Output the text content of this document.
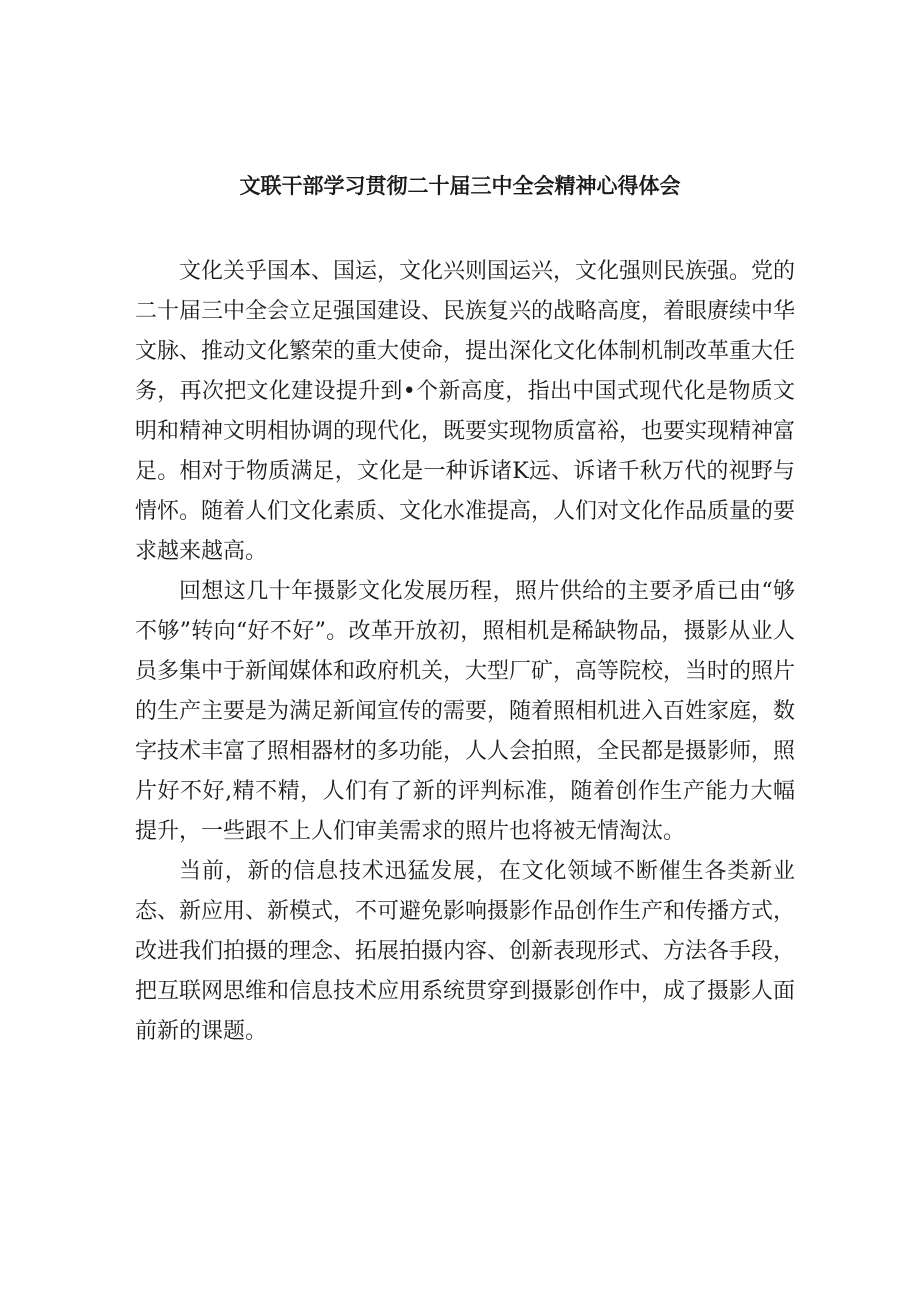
文联干部学习贯彻二十届三中全会精神心得体会

文化关乎国本、国运，文化兴则国运兴，文化强则民族强。党的二十届三中全会立足强国建设、民族复兴的战略高度，着眼赓续中华文脉、推动文化繁荣的重大使命，提出深化文化体制机制改革重大任务，再次把文化建设提升到•个新高度，指出中国式现代化是物质文明和精神文明相协调的现代化，既要实现物质富裕，也要实现精神富足。相对于物质满足，文化是一种诉诸K远、诉诸千秋万代的视野与情怀。随着人们文化素质、文化水准提高，人们对文化作品质量的要求越来越高。

回想这几十年摄影文化发展历程，照片供给的主要矛盾已由“够不够”转向“好不好”。改革开放初，照相机是稀缺物品，摄影从业人员多集中于新闻媒体和政府机关，大型厂矿，高等院校，当时的照片的生产主要是为满足新闻宣传的需要，随着照相机进入百姓家庭，数字技术丰富了照相器材的多功能，人人会拍照，全民都是摄影师，照片好不好,精不精，人们有了新的评判标准，随着创作生产能力大幅提升，一些跟不上人们审美需求的照片也将被无情淘汰。

当前，新的信息技术迅猛发展，在文化领域不断催生各类新业态、新应用、新模式，不可避免影响摄影作品创作生产和传播方式，改进我们拍摄的理念、拓展拍摄内容、创新表现形式、方法各手段，把互联网思维和信息技术应用系统贯穿到摄影创作中，成了摄影人面前新的课题。
